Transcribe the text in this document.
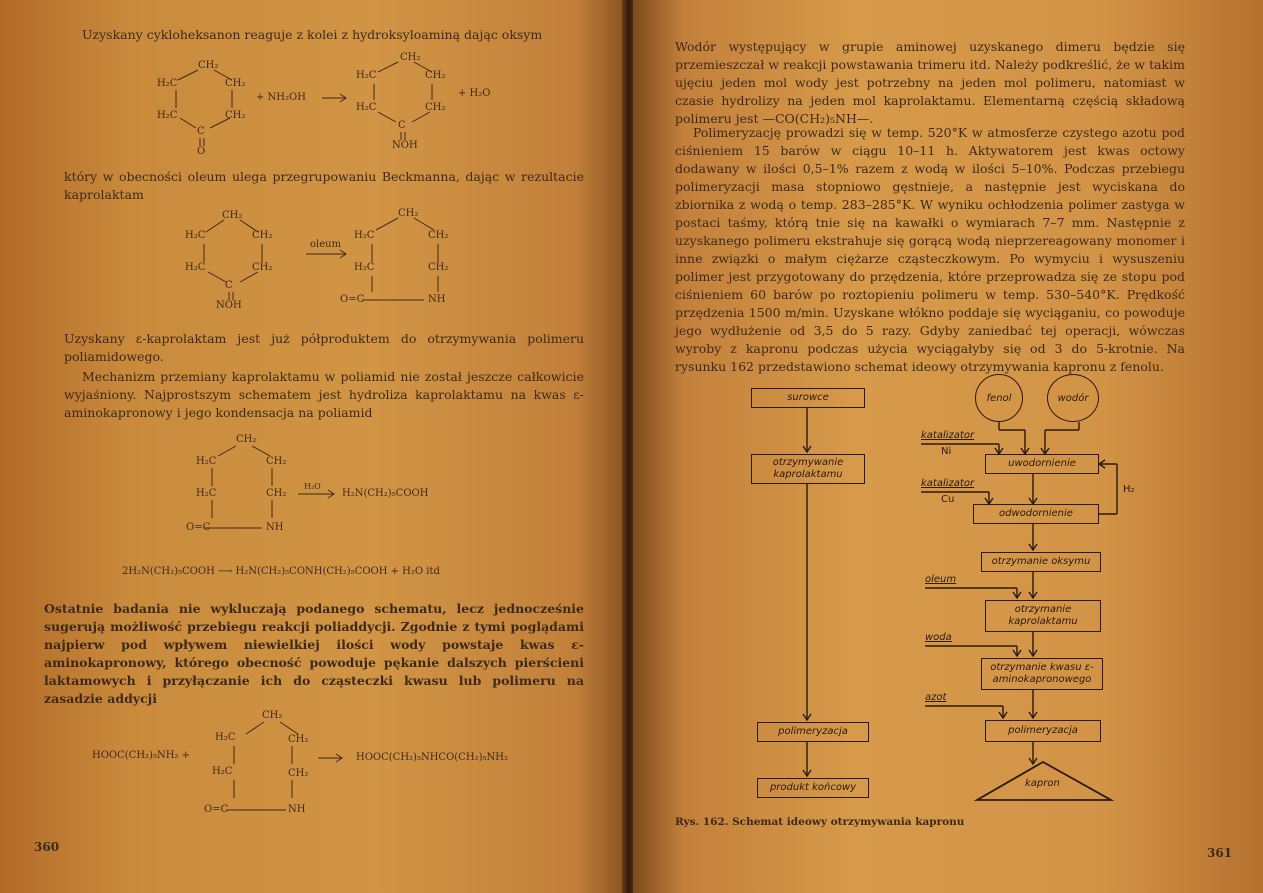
Uzyskany cykloheksanon reaguje z kolei z hydroksyloaminą dając oksym
CH₂
H₂C	CH₂
H₂C	CH₂
C
O
+ NH₂OH
CH₂
H₂C	CH₂
H₂C	CH₂
C
NOH
+ H₂O
który w obecności oleum ulega przegrupowaniu Beckmanna, dając w rezultacie kaprolaktam
CH₂
H₂C	CH₂
H₂C	CH₂
C
NOH
oleum
CH₂
H₂C	CH₂
H₂C	CH₂
O=C	NH
Uzyskany ε-kaprolaktam jest już półproduktem do otrzymywania polimeru poliamidowego.
Mechanizm przemiany kaprolaktamu w poliamid nie został jeszcze całkowicie wyjaśniony. Najprostszym schematem jest hydroliza kaprolaktamu na kwas ε-aminokapronowy i jego kondensacja na poliamid
CH₂
H₂C	CH₂
H₂C	CH₂
O=C	NH
H₂O
H₂N(CH₂)₅COOH
2H₂N(CH₂)₅COOH ⟶ H₂N(CH₂)₅CONH(CH₂)₅COOH + H₂O itd
Ostatnie badania nie wykluczają podanego schematu, lecz jednocześnie sugerują możliwość przebiegu reakcji poliaddycji. Zgodnie z tymi poglądami najpierw pod wpływem niewielkiej ilości wody powstaje kwas ε-aminokapronowy, którego obecność powoduje pękanie dalszych pierścieni laktamowych i przyłączanie ich do cząsteczki kwasu lub polimeru na zasadzie addycji
HOOC(CH₂)₅NH₂ +
CH₂
H₂C	CH₂
H₂C	CH₂
O=C	NH
HOOC(CH₂)₅NHCO(CH₂)₅NH₂
360
Wodór występujący w grupie aminowej uzyskanego dimeru będzie się przemieszczał w reakcji powstawania trimeru itd. Należy podkreślić, że w takim ujęciu jeden mol wody jest potrzebny na jeden mol polimeru, natomiast w czasie hydrolizy na jeden mol kaprolaktamu. Elementarną częścią składową polimeru jest —CO(CH₂)₅NH—.
Polimeryzację prowadzi się w temp. 520°K w atmosferze czystego azotu pod ciśnieniem 15 barów w ciągu 10–11 h. Aktywatorem jest kwas octowy dodawany w ilości 0,5–1% razem z wodą w ilości 5–10%. Podczas przebiegu polimeryzacji masa stopniowo gęstnieje, a następnie jest wyciskana do zbiornika z wodą o temp. 283–285°K. W wyniku ochłodzenia polimer zastyga w postaci taśmy, którą tnie się na kawałki o wymiarach 7–7 mm. Następnie z uzyskanego polimeru ekstrahuje się gorącą wodą nieprzereagowany monomer i inne związki o małym ciężarze cząsteczkowym. Po wymyciu i wysuszeniu polimer jest przygotowany do przędzenia, które przeprowadza się ze stopu pod ciśnieniem 60 barów po roztopieniu polimeru w temp. 530–540°K. Prędkość przędzenia 1500 m/min. Uzyskane włókno poddaje się wyciąganiu, co powoduje jego wydłużenie od 3,5 do 5 razy. Gdyby zaniedbać tej operacji, wówczas wyroby z kapronu podczas użycia wyciągałyby się od 3 do 5-krotnie. Na rysunku 162 przedstawiono schemat ideowy otrzymywania kapronu z fenolu.
surowce
otrzymywanie kaprolaktamu
polimeryzacja
produkt końcowy
fenol	wodór
katalizator
Ni
uwodornienie
H₂
katalizator
Cu
odwodornienie
otrzymanie oksymu
oleum
otrzymanie kaprolaktamu
woda
otrzymanie kwasu ε-aminokapronowego
azot
polimeryzacja
kapron
Rys. 162. Schemat ideowy otrzymywania kapronu
361
